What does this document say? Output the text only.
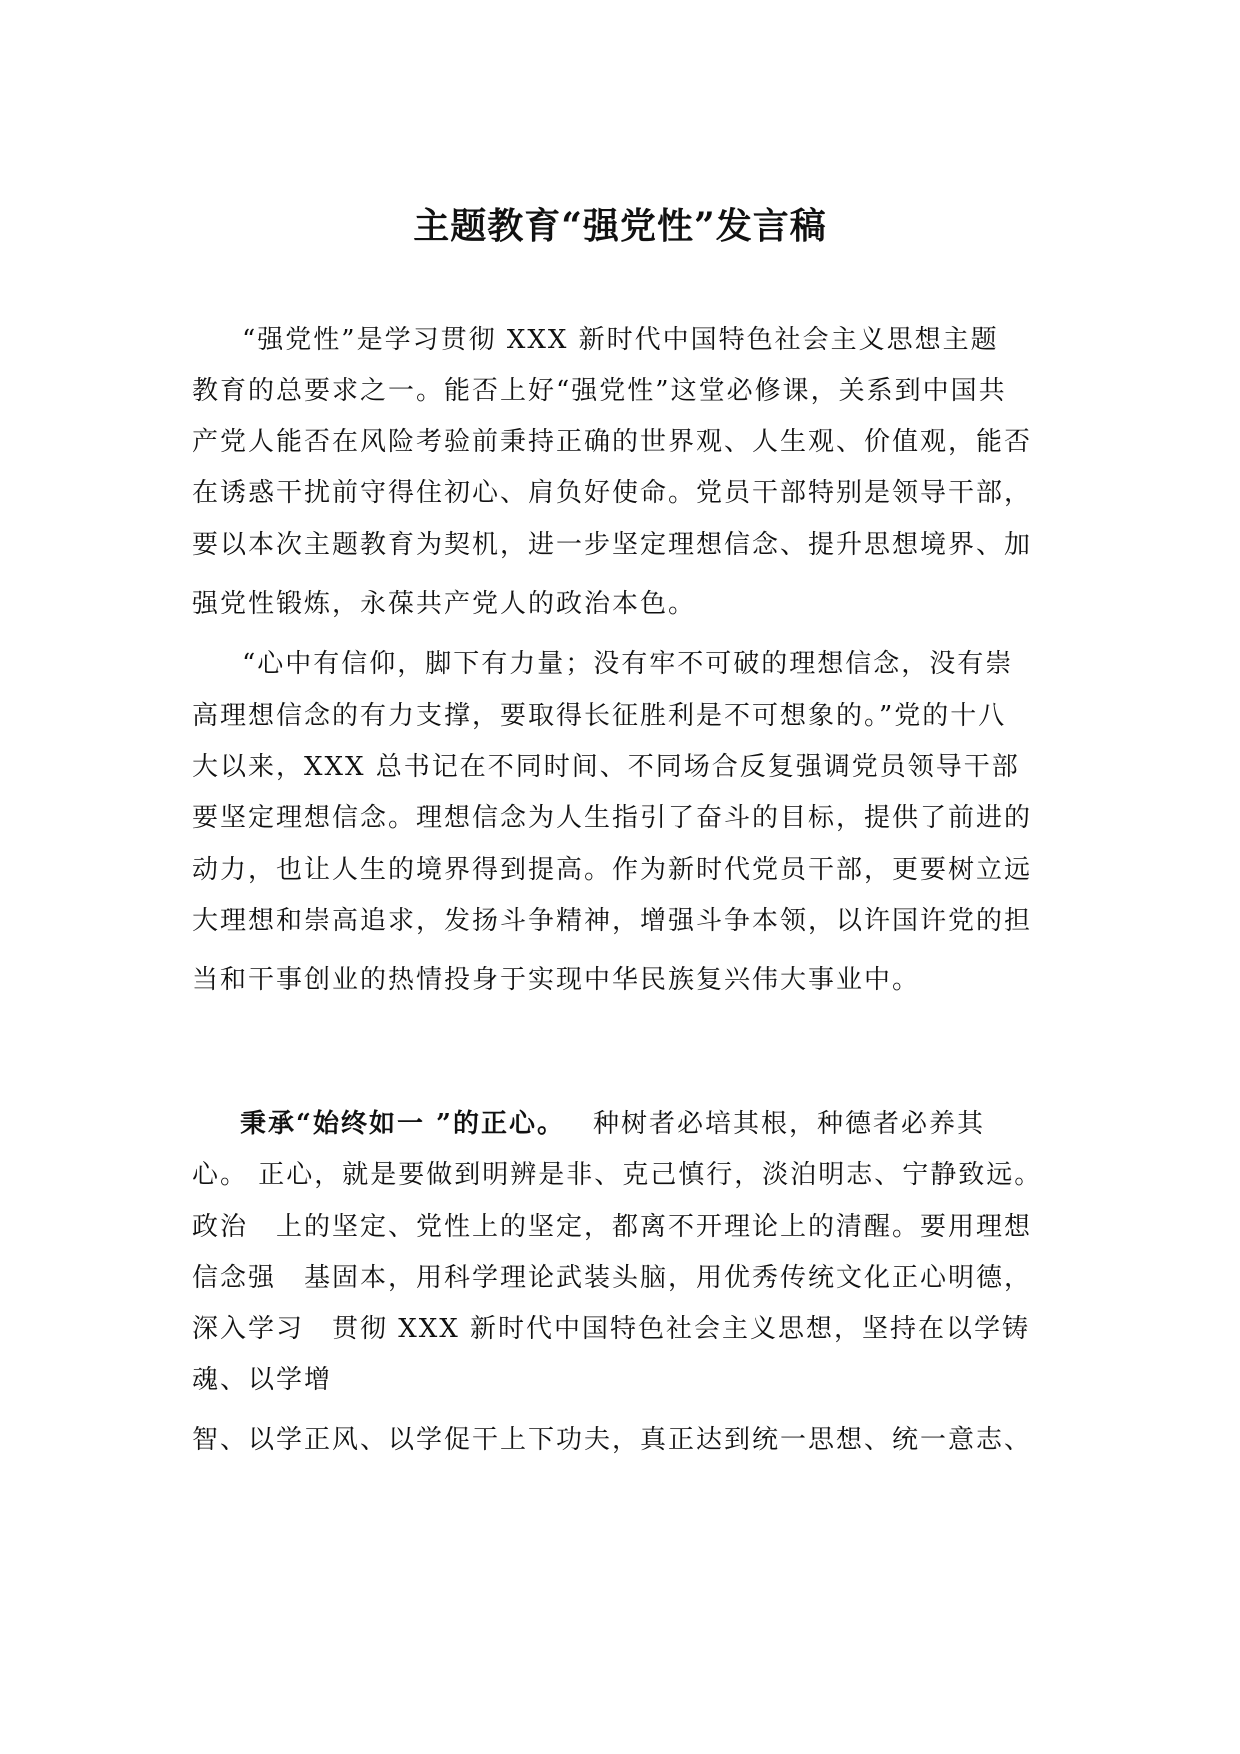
主题教育“强党性”发言稿
“强党性”是学习贯彻 XXX 新时代中国特色社会主义思想主题
教育的总要求之一。能否上好“强党性”这堂必修课，关系到中国共
产党人能否在风险考验前秉持正确的世界观、人生观、价值观，能否
在诱惑干扰前守得住初心、肩负好使命。党员干部特别是领导干部，
要以本次主题教育为契机，进一步坚定理想信念、提升思想境界、加
强党性锻炼，永葆共产党人的政治本色。
“心中有信仰，脚下有力量；没有牢不可破的理想信念，没有崇
高理想信念的有力支撑，要取得长征胜利是不可想象的。”党的十八
大以来，XXX 总书记在不同时间、不同场合反复强调党员领导干部
要坚定理想信念。理想信念为人生指引了奋斗的目标，提供了前进的
动力，也让人生的境界得到提高。作为新时代党员干部，更要树立远
大理想和崇高追求，发扬斗争精神，增强斗争本领，以许国许党的担
当和干事创业的热情投身于实现中华民族复兴伟大事业中。
秉承“始终如一 ”的正心。 种树者必培其根，种德者必养其
心。 正心，就是要做到明辨是非、克己慎行，淡泊明志、宁静致远。
政治　上的坚定、党性上的坚定，都离不开理论上的清醒。要用理想
信念强　基固本，用科学理论武装头脑，用优秀传统文化正心明德，
深入学习　贯彻 XXX 新时代中国特色社会主义思想，坚持在以学铸
魂、以学增
智、以学正风、以学促干上下功夫，真正达到统一思想、统一意志、
